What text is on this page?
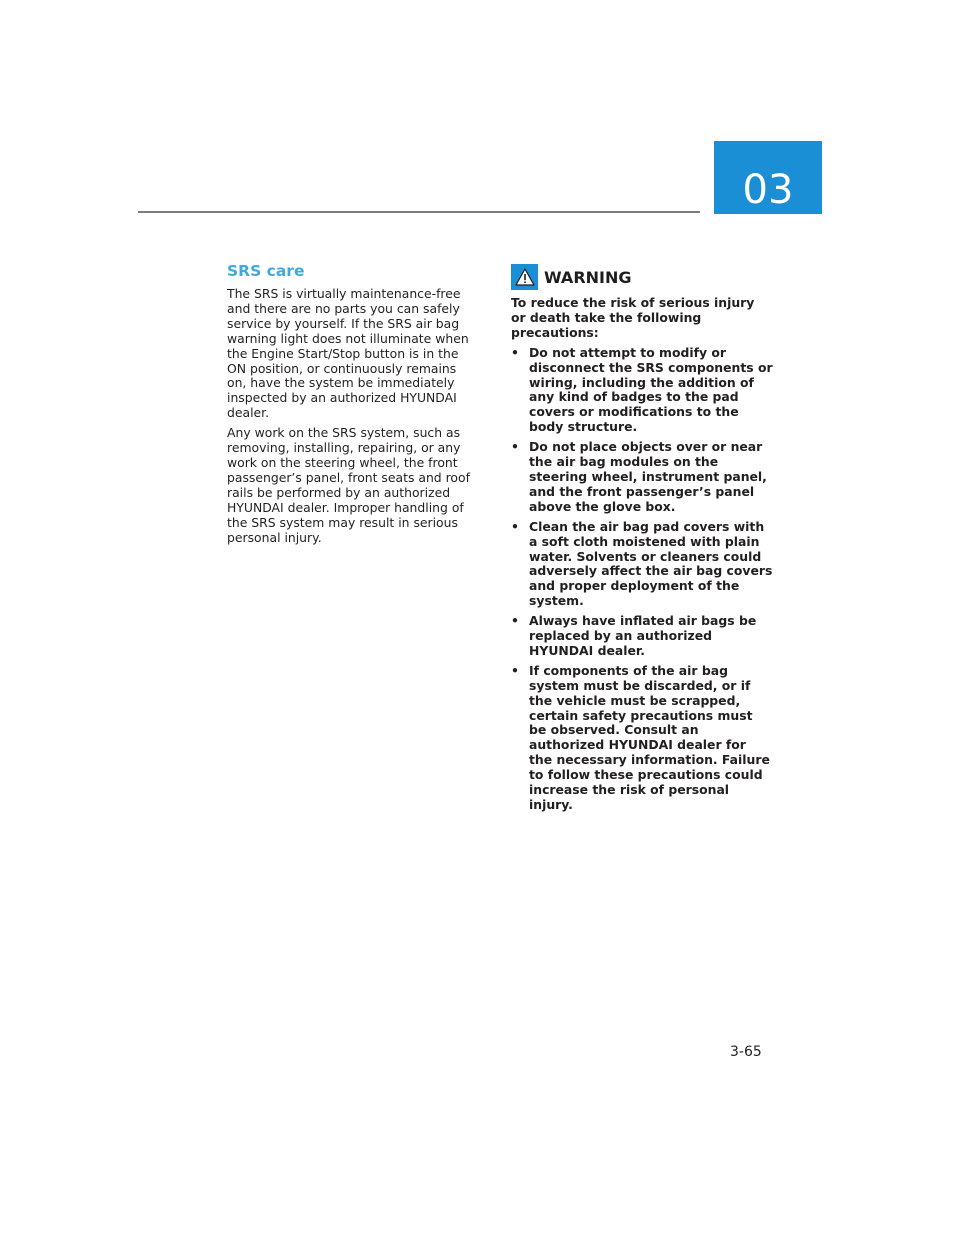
03
SRS care

The SRS is virtually maintenance-free and there are no parts you can safely service by yourself. If the SRS air bag warning light does not illuminate when the Engine Start/Stop button is in the ON position, or continuously remains on, have the system be immediately inspected by an authorized HYUNDAI dealer.

Any work on the SRS system, such as removing, installing, repairing, or any work on the steering wheel, the front passenger’s panel, front seats and roof rails be performed by an authorized HYUNDAI dealer. Improper handling of the SRS system may result in serious personal injury.

WARNING

To reduce the risk of serious injury or death take the following precautions:

• Do not attempt to modify or disconnect the SRS components or wiring, including the addition of any kind of badges to the pad covers or modifications to the body structure.
• Do not place objects over or near the air bag modules on the steering wheel, instrument panel, and the front passenger’s panel above the glove box.
• Clean the air bag pad covers with a soft cloth moistened with plain water. Solvents or cleaners could adversely affect the air bag covers and proper deployment of the system.
• Always have inflated air bags be replaced by an authorized HYUNDAI dealer.
• If components of the air bag system must be discarded, or if the vehicle must be scrapped, certain safety precautions must be observed. Consult an authorized HYUNDAI dealer for the necessary information. Failure to follow these precautions could increase the risk of personal injury.
3-65
